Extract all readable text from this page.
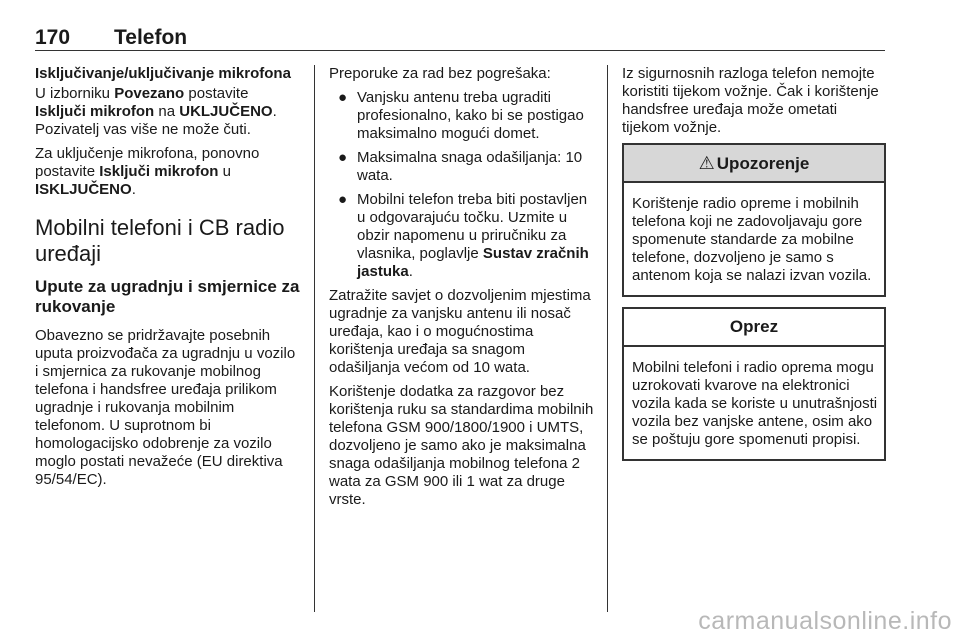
170 Telefon

Isključivanje/uključivanje mikrofona

U izborniku Povezano postavite Isključi mikrofon na UKLJUČENO. Pozivatelj vas više ne može čuti.

Za uključenje mikrofona, ponovno postavite Isključi mikrofon u ISKLJUČENO.

Mobilni telefoni i CB radio uređaji
Upute za ugradnju i smjernice za rukovanje

Obavezno se pridržavajte posebnih uputa proizvođača za ugradnju u vozilo i smjernica za rukovanje mobilnog telefona i handsfree uređaja prilikom ugradnje i rukovanja mobilnim telefonom. U suprotnom bi homologacijsko odobrenje za vozilo moglo postati nevažeće (EU direktiva 95/54/EC).

Preporuke za rad bez pogrešaka:

● Vanjsku antenu treba ugraditi profesionalno, kako bi se postigao maksimalno mogući domet.
● Maksimalna snaga odašiljanja: 10 wata.
● Mobilni telefon treba biti postavljen u odgovarajuću točku. Uzmite u obzir napomenu u priručniku za vlasnika, poglavlje Sustav zračnih jastuka.

Zatražite savjet o dozvoljenim mjestima ugradnje za vanjsku antenu ili nosač uređaja, kao i o mogućnostima korištenja uređaja sa snagom odašiljanja većom od 10 wata.

Korištenje dodatka za razgovor bez korištenja ruku sa standardima mobilnih telefona GSM 900/1800/1900 i UMTS, dozvoljeno je samo ako je maksimalna snaga odašiljanja mobilnog telefona 2 wata za GSM 900 ili 1 wat za druge vrste.

Iz sigurnosnih razloga telefon nemojte koristiti tijekom vožnje. Čak i korištenje handsfree uređaja može ometati tijekom vožnje.

⚠ Upozorenje
Korištenje radio opreme i mobilnih telefona koji ne zadovoljavaju gore spomenute standarde za mobilne telefone, dozvoljeno je samo s antenom koja se nalazi izvan vozila.
Oprez
Mobilni telefoni i radio oprema mogu uzrokovati kvarove na elektronici vozila kada se koriste u unutrašnjosti vozila bez vanjske antene, osim ako se poštuju gore spomenuti propisi.
carmanualsonline.info
